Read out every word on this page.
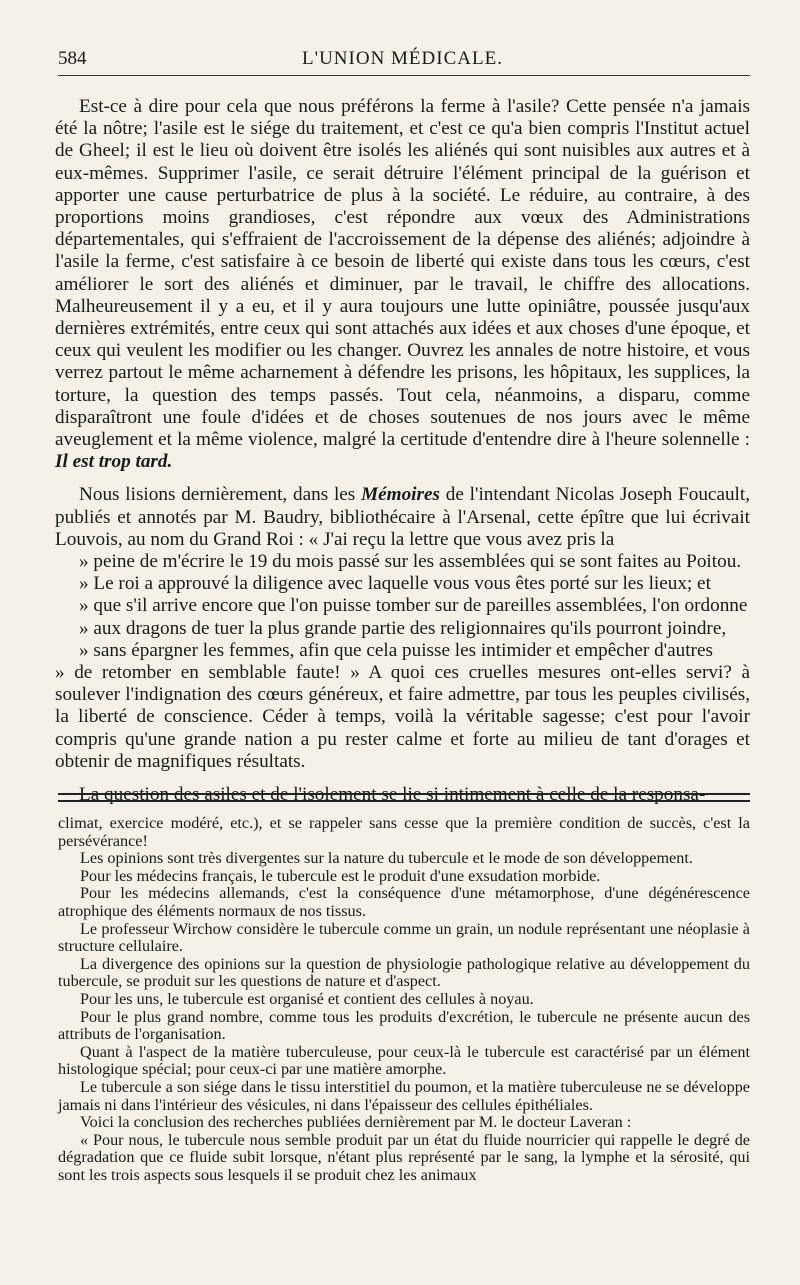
584	L'UNION MÉDICALE.

Est-ce à dire pour cela que nous préférons la ferme à l'asile? Cette pensée n'a jamais été la nôtre; l'asile est le siége du traitement, et c'est ce qu'a bien compris l'Institut actuel de Gheel; il est le lieu où doivent être isolés les aliénés qui sont nuisibles aux autres et à eux-mêmes. Supprimer l'asile, ce serait détruire l'élément principal de la guérison et apporter une cause perturbatrice de plus à la société. Le réduire, au contraire, à des proportions moins grandioses, c'est répondre aux vœux des Administrations départementales, qui s'effraient de l'accroissement de la dépense des aliénés; adjoindre à l'asile la ferme, c'est satisfaire à ce besoin de liberté qui existe dans tous les cœurs, c'est améliorer le sort des aliénés et diminuer, par le travail, le chiffre des allocations. Malheureusement il y a eu, et il y aura toujours une lutte opiniâtre, poussée jusqu'aux dernières extrémités, entre ceux qui sont attachés aux idées et aux choses d'une époque, et ceux qui veulent les modifier ou les changer. Ouvrez les annales de notre histoire, et vous verrez partout le même acharnement à défendre les prisons, les hôpitaux, les supplices, la torture, la question des temps passés. Tout cela, néanmoins, a disparu, comme disparaîtront une foule d'idées et de choses soutenues de nos jours avec le même aveuglement et la même violence, malgré la certitude d'entendre dire à l'heure solennelle : Il est trop tard.

Nous lisions dernièrement, dans les Mémoires de l'intendant Nicolas Joseph Foucault, publiés et annotés par M. Baudry, bibliothécaire à l'Arsenal, cette épître que lui écrivait Louvois, au nom du Grand Roi : « J'ai reçu la lettre que vous avez pris la
» peine de m'écrire le 19 du mois passé sur les assemblées qui se sont faites au Poitou.
» Le roi a approuvé la diligence avec laquelle vous vous êtes porté sur les lieux; et
» que s'il arrive encore que l'on puisse tomber sur de pareilles assemblées, l'on ordonne
» aux dragons de tuer la plus grande partie des religionnaires qu'ils pourront joindre,
» sans épargner les femmes, afin que cela puisse les intimider et empêcher d'autres
» de retomber en semblable faute! » A quoi ces cruelles mesures ont-elles servi? à soulever l'indignation des cœurs généreux, et faire admettre, par tous les peuples civilisés, la liberté de conscience. Céder à temps, voilà la véritable sagesse; c'est pour l'avoir compris qu'une grande nation a pu rester calme et forte au milieu de tant d'orages et obtenir de magnifiques résultats.

La question des asiles et de l'isolement se lie si intimement à celle de la responsa-

climat, exercice modéré, etc.), et se rappeler sans cesse que la première condition de succès, c'est la persévérance!

Les opinions sont très divergentes sur la nature du tubercule et le mode de son développement.

Pour les médecins français, le tubercule est le produit d'une exsudation morbide.

Pour les médecins allemands, c'est la conséquence d'une métamorphose, d'une dégénérescence atrophique des éléments normaux de nos tissus.

Le professeur Wirchow considère le tubercule comme un grain, un nodule représentant une néoplasie à structure cellulaire.

La divergence des opinions sur la question de physiologie pathologique relative au développement du tubercule, se produit sur les questions de nature et d'aspect.

Pour les uns, le tubercule est organisé et contient des cellules à noyau.

Pour le plus grand nombre, comme tous les produits d'excrétion, le tubercule ne présente aucun des attributs de l'organisation.

Quant à l'aspect de la matière tuberculeuse, pour ceux-là le tubercule est caractérisé par un élément histologique spécial; pour ceux-ci par une matière amorphe.

Le tubercule a son siége dans le tissu interstitiel du poumon, et la matière tuberculeuse ne se développe jamais ni dans l'intérieur des vésicules, ni dans l'épaisseur des cellules épithéliales.

Voici la conclusion des recherches publiées dernièrement par M. le docteur Laveran :

« Pour nous, le tubercule nous semble produit par un état du fluide nourricier qui rappelle le degré de dégradation que ce fluide subit lorsque, n'étant plus représenté par le sang, la lymphe et la sérosité, qui sont les trois aspects sous lesquels il se produit chez les animaux
